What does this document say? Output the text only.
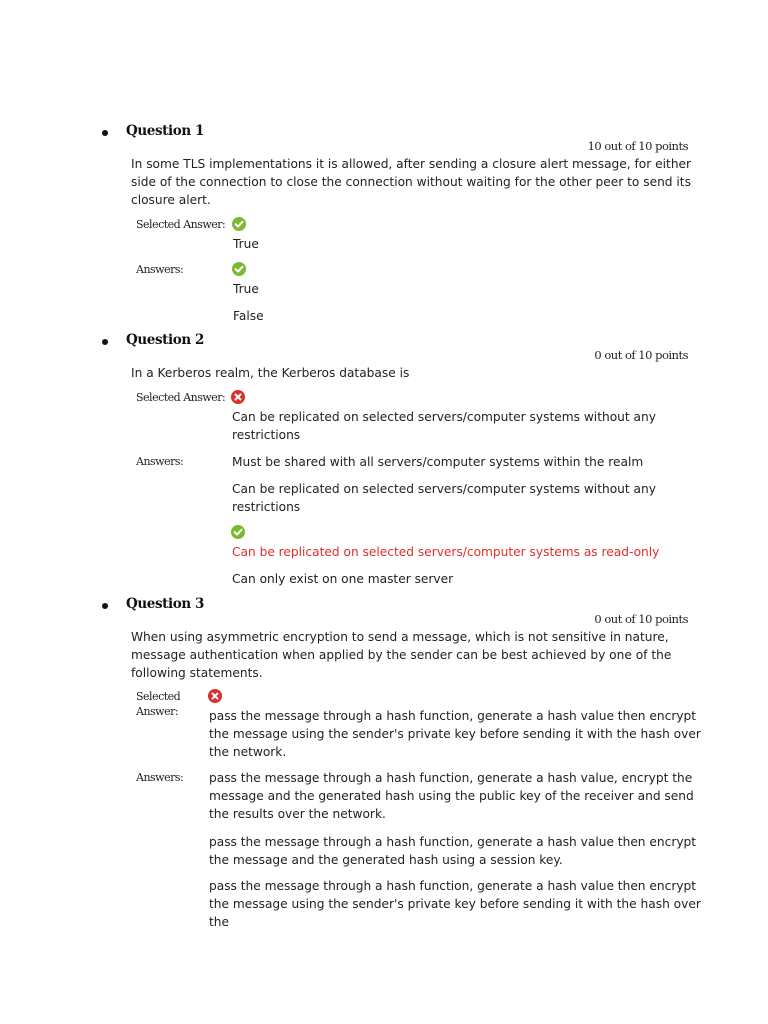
Question 1
10 out of 10 points
In some TLS implementations it is allowed, after sending a closure alert message, for either side of the connection to close the connection without waiting for the other peer to send its closure alert.
Selected Answer:
True
Answers:
True
False
Question 2
0 out of 10 points
In a Kerberos realm, the Kerberos database is
Selected Answer:
Can be replicated on selected servers/computer systems without any restrictions
Answers:	Must be shared with all servers/computer systems within the realm
Can be replicated on selected servers/computer systems without any restrictions
Can be replicated on selected servers/computer systems as read-only
Can only exist on one master server
Question 3
0 out of 10 points
When using asymmetric encryption to send a message, which is not sensitive in nature, message authentication when applied by the sender can be best achieved by one of the following statements.
Selected
Answer:	pass the message through a hash function, generate a hash value then encrypt the message using the sender's private key before sending it with the hash over the network.
Answers: pass the message through a hash function, generate a hash value, encrypt the message and the generated hash using the public key of the receiver and send the results over the network.
pass the message through a hash function, generate a hash value then encrypt the message and the generated hash using a session key.
pass the message through a hash function, generate a hash value then encrypt the message using the sender's private key before sending it with the hash over the
